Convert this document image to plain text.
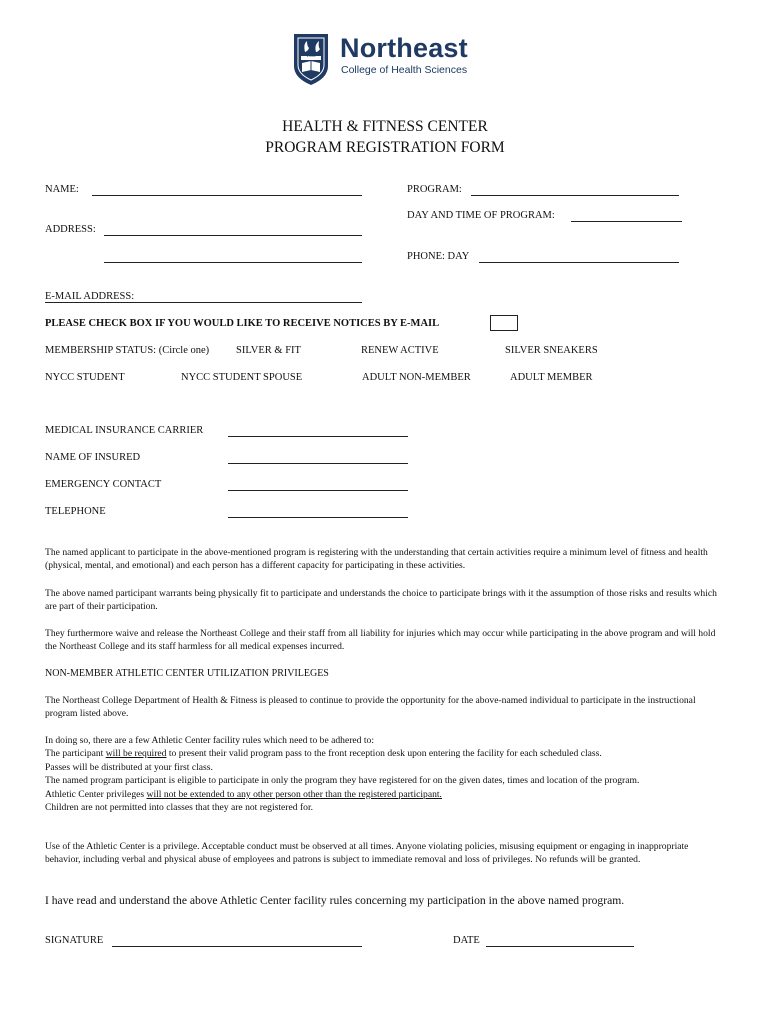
1906 Northeast
College of Health Sciences
HEALTH & FITNESS CENTER
PROGRAM REGISTRATION FORM
NAME:	PROGRAM:
DAY AND TIME OF PROGRAM:
ADDRESS:
PHONE: DAY
E-MAIL ADDRESS:
PLEASE CHECK BOX IF YOU WOULD LIKE TO RECEIVE NOTICES BY E-MAIL
MEMBERSHIP STATUS: (Circle one)	SILVER & FIT	RENEW ACTIVE	SILVER SNEAKERS
NYCC STUDENT	NYCC STUDENT SPOUSE	ADULT NON-MEMBER	ADULT MEMBER
MEDICAL INSURANCE CARRIER
NAME OF INSURED
EMERGENCY CONTACT
TELEPHONE
The named applicant to participate in the above-mentioned program is registering with the understanding that certain activities require a minimum level of fitness and health (physical, mental, and emotional) and each person has a different capacity for participating in these activities.
The above named participant warrants being physically fit to participate and understands the choice to participate brings with it the assumption of those risks and results which are part of their participation.
They furthermore waive and release the Northeast College and their staff from all liability for injuries which may occur while participating in the above program and will hold the Northeast College and its staff harmless for all medical expenses incurred.
NON-MEMBER ATHLETIC CENTER UTILIZATION PRIVILEGES
The Northeast College Department of Health & Fitness is pleased to continue to provide the opportunity for the above-named individual to participate in the instructional program listed above.

In doing so, there are a few Athletic Center facility rules which need to be adhered to:

The participant will be required to present their valid program pass to the front reception desk upon entering the facility for each scheduled class.

Passes will be distributed at your first class.

The named program participant is eligible to participate in only the program they have registered for on the given dates, times and location of the program.

Athletic Center privileges will not be extended to any other person other than the registered participant.

Children are not permitted into classes that they are not registered for.

Use of the Athletic Center is a privilege. Acceptable conduct must be observed at all times. Anyone violating policies, misusing equipment or engaging in inappropriate behavior, including verbal and physical abuse of employees and patrons is subject to immediate removal and loss of privileges. No refunds will be granted.
I have read and understand the above Athletic Center facility rules concerning my participation in the above named program.
SIGNATURE	DATE
